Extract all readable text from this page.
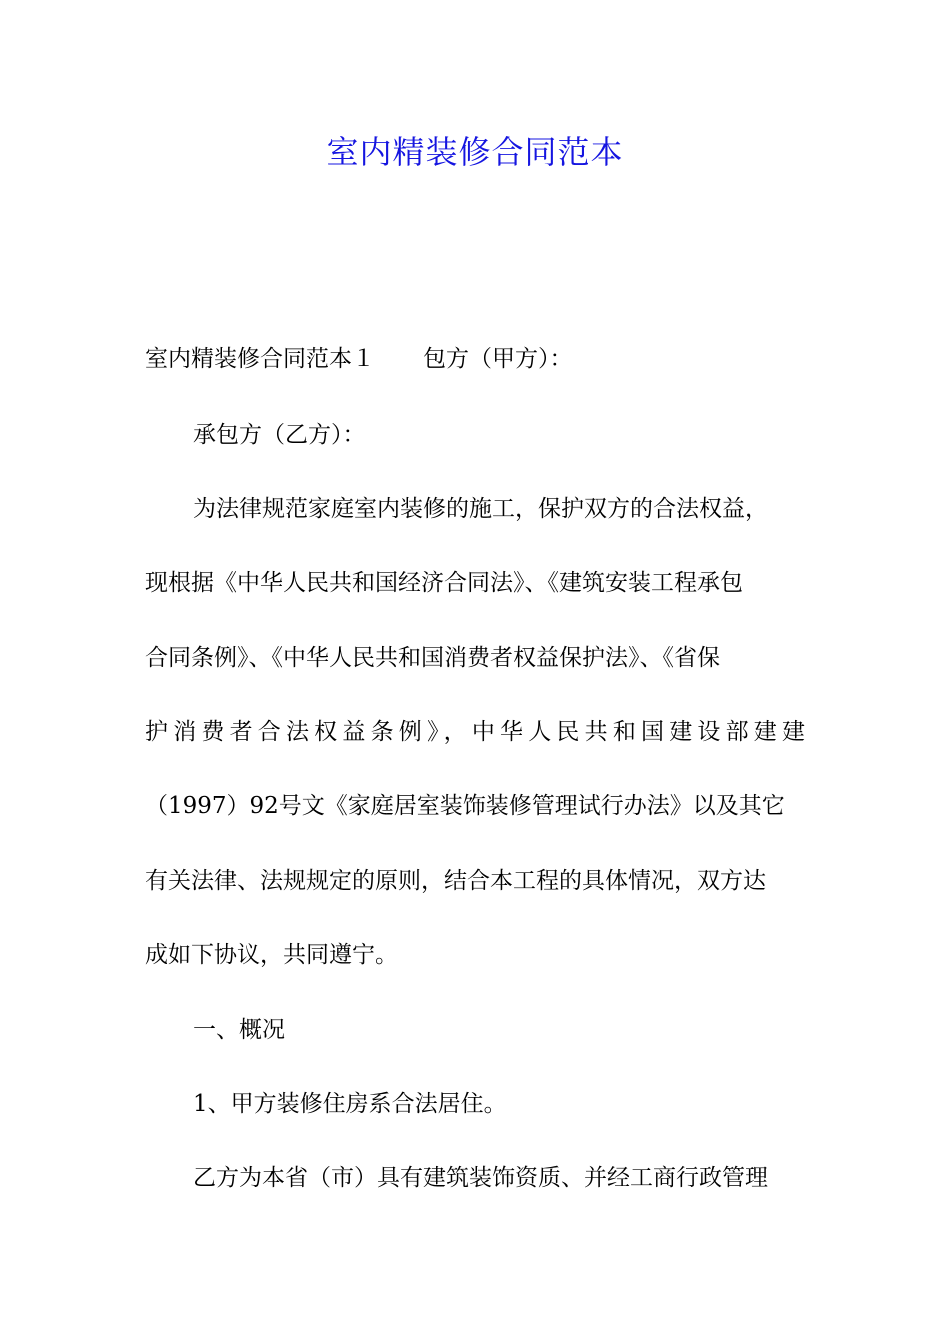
室内精装修合同范本
室内精装修合同范本１ 包方（甲方）：
承包方（乙方）：
为法律规范家庭室内装修的施工，保护双方的合法权益，
现根据《中华人民共和国经济合同法》、《建筑安装工程承包
合同条例》、《中华人民共和国消费者权益保护法》、《省保
护消费者合法权益条例》，中华人民共和国建设部建建
（1997）92号文《家庭居室装饰装修管理试行办法》以及其它
有关法律、法规规定的原则，结合本工程的具体情况，双方达
成如下协议，共同遵宁。
一、概况
1、甲方装修住房系合法居住。
乙方为本省（市）具有建筑装饰资质、并经工商行政管理
